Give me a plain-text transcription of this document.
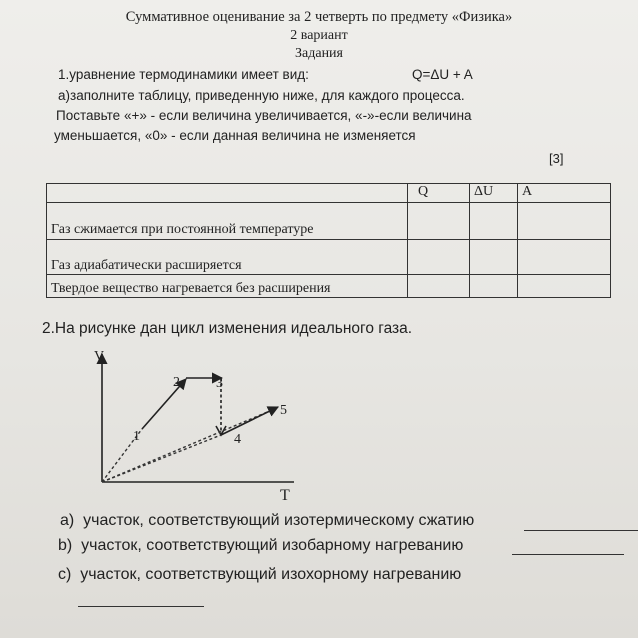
Суммативное оценивание за 2 четверть по предмету «Физика»
2 вариант
Задания
1.уравнение термодинамики имеет вид:	Q=ΔU + A
а)заполните таблицу, приведенную ниже, для каждого процесса.
Поставьте «+» - если величина увеличивается, «-»-если величина
уменьшается, «0» - если данная величина не изменяется
[3]
	Q	ΔU	A
Газ сжимается при постоянной температуре			
Газ адиабатически расширяется			
Твердое вещество нагревается без расширения			
2.На рисунке дан цикл изменения идеального газа.
V
T
1
2	3
4
5
a) участок, соответствующий изотермическому сжатию
b) участок, соответствующий изобарному нагреванию
c) участок, соответствующий изохорному нагреванию
